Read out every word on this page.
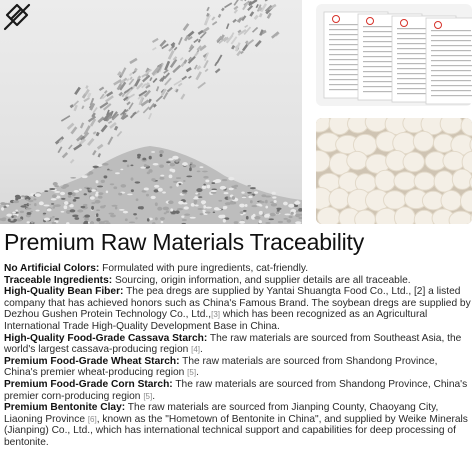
Premium Raw Materials Traceability

No Artificial Colors: Formulated with pure ingredients, cat-friendly.

Traceable Ingredients: Sourcing, origin information, and supplier details are all traceable.

High-Quality Bean Fiber: The pea dregs are supplied by Yantai Shuangta Food Co., Ltd., [2] a listed company that has achieved honors such as China's Famous Brand. The soybean dregs are supplied by Dezhou Gushen Protein Technology Co., Ltd.,[3] which has been recognized as an Agricultural International Trade High-Quality Development Base in China.

High-Quality Food-Grade Cassava Starch: The raw materials are sourced from Southeast Asia, the world's largest cassava-producing region [4].

Premium Food-Grade Wheat Starch: The raw materials are sourced from Shandong Province, China's premier wheat-producing region [5].

Premium Food-Grade Corn Starch: The raw materials are sourced from Shandong Province, China's premier corn-producing region [5].

Premium Bentonite Clay: The raw materials are sourced from Jianping County, Chaoyang City, Liaoning Province [6], known as the "Hometown of Bentonite in China", and supplied by Weike Minerals (Jianping) Co., Ltd., which has international technical support and capabilities for deep processing of bentonite.
